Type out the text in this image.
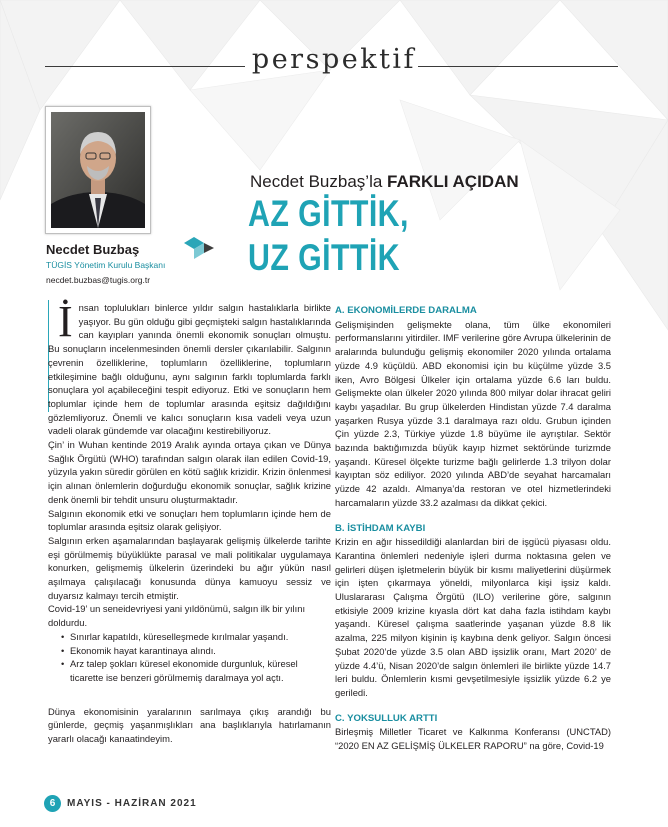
perspektif
Necdet Buzbaş
TÜGİS Yönetim Kurulu Başkanı
necdet.buzbas@tugis.org.tr
Necdet Buzbaş’la FARKLI AÇIDAN
AZ GİTTİK,
UZ GİTTİK

İnsan toplulukları binlerce yıldır salgın hastalıklarla birlikte yaşıyor. Bu gün olduğu gibi geçmişteki salgın hastalıklarında can kayıpları yanında önemli ekonomik sonuçları olmuştu. Bu sonuçların incelenmesinden önemli dersler çıkarılabilir. Salgının çevrenin özelliklerine, toplumların özelliklerine, toplumların etkileşimine bağlı olduğunu, aynı salgının farklı toplumlarda farklı sonuçlara yol açabileceğini tespit ediyoruz. Etki ve sonuçların hem toplumlar içinde hem de toplumlar arasında eşitsiz dağıldığını gözlemliyoruz. Önemli ve kalıcı sonuçların kısa vadeli veya uzun vadeli olarak gündemde var olacağını kestirebiliyoruz.

Çin’ in Wuhan kentinde 2019 Aralık ayında ortaya çıkan ve Dünya Sağlık Örgütü (WHO) tarafından salgın olarak ilan edilen Covid-19, yüzyıla yakın süredir görülen en kötü sağlık krizidir. Krizin önlenmesi için alınan önlemlerin doğurduğu ekonomik sonuçlar, sağlık krizine denk önemli bir tehdit unsuru oluşturmaktadır.

Salgının ekonomik etki ve sonuçları hem toplumların içinde hem de toplumlar arasında eşitsiz olarak gelişiyor.

Salgının erken aşamalarından başlayarak gelişmiş ülkelerde tarihte eşi görülmemiş büyüklükte parasal ve mali politikalar uygulamaya konurken, gelişmemiş ülkelerin üzerindeki bu ağır yükün nasıl aşılmaya çalışılacağı konusunda dünya kamuoyu sessiz ve duyarsız kalmayı tercih etmiştir.

Covid-19’ un seneidevriyesi yani yıldönümü, salgın ilk bir yılını doldurdu.

• Sınırlar kapatıldı, küreselleşmede kırılmalar yaşandı.
• Ekonomik hayat karantinaya alındı.
• Arz talep şokları küresel ekonomide durgunluk, küresel ticarette ise benzeri görülmemiş daralmaya yol açtı.

Dünya ekonomisinin yaralarının sarılmaya çıkış arandığı bu günlerde, geçmiş yaşanmışlıkları ana başlıklarıyla hatırlamanın yararlı olacağı kanaatindeyim.

A. EKONOMİLERDE DARALMA

Gelişmişinden gelişmekte olana, tüm ülke ekonomileri performanslarını yitirdiler. IMF verilerine göre Avrupa ülkelerinin de aralarında bulunduğu gelişmiş ekonomiler 2020 yılında ortalama yüzde 4.9 küçüldü. ABD ekonomisi için bu küçülme yüzde 3.5 iken, Avro Bölgesi Ülkeler için ortalama yüzde 6.6 ları buldu. Gelişmekte olan ülkeler 2020 yılında 800 milyar dolar ihracat geliri kaybı yaşadılar. Bu grup ülkelerden Hindistan yüzde 7.4 daralma yaşarken Rusya yüzde 3.1 daralmaya razı oldu. Grubun içinden Çin yüzde 2.3, Türkiye yüzde 1.8 büyüme ile ayrıştılar. Sektör bazında baktığımızda büyük kayıp hizmet sektöründe turizmde yaşandı. Küresel ölçekte turizme bağlı gelirlerde 1.3 trilyon dolar kayıptan söz ediliyor. 2020 yılında ABD’de seyahat harcamaları yüzde 42 azaldı. Almanya’da restoran ve otel hizmetlerindeki harcamaların yüzde 33.2 azalması da dikkat çekici.

B. İSTİHDAM KAYBI

Krizin en ağır hissedildiği alanlardan biri de işgücü piyasası oldu. Karantina önlemleri nedeniyle işleri durma noktasına gelen ve gelirleri düşen işletmelerin büyük bir kısmı maliyetlerini düşürmek için işten çıkarmaya yöneldi, milyonlarca kişi işsiz kaldı. Uluslararası Çalışma Örgütü (ILO) verilerine göre, salgının etkisiyle 2009 krizine kıyasla dört kat daha fazla istihdam kaybı yaşandı. Küresel çalışma saatlerinde yaşanan yüzde 8.8 lik azalma, 225 milyon kişinin iş kaybına denk geliyor. Salgın öncesi Şubat 2020’de yüzde 3.5 olan ABD işsizlik oranı, Mart 2020’ de yüzde 4.4’ü, Nisan 2020’de salgın önlemleri ile birlikte yüzde 14.7 leri buldu. Önlemlerin kısmi gevşetilmesiyle işsizlik yüzde 6.2 ye geriledi.

C. YOKSULLUK ARTTI

Birleşmiş Milletler Ticaret ve Kalkınma Konferansı (UNCTAD) “2020 EN AZ GELİŞMİŞ ÜLKELER RAPORU” na göre, Covid-19

6	MAYIS - HAZİRAN 2021
